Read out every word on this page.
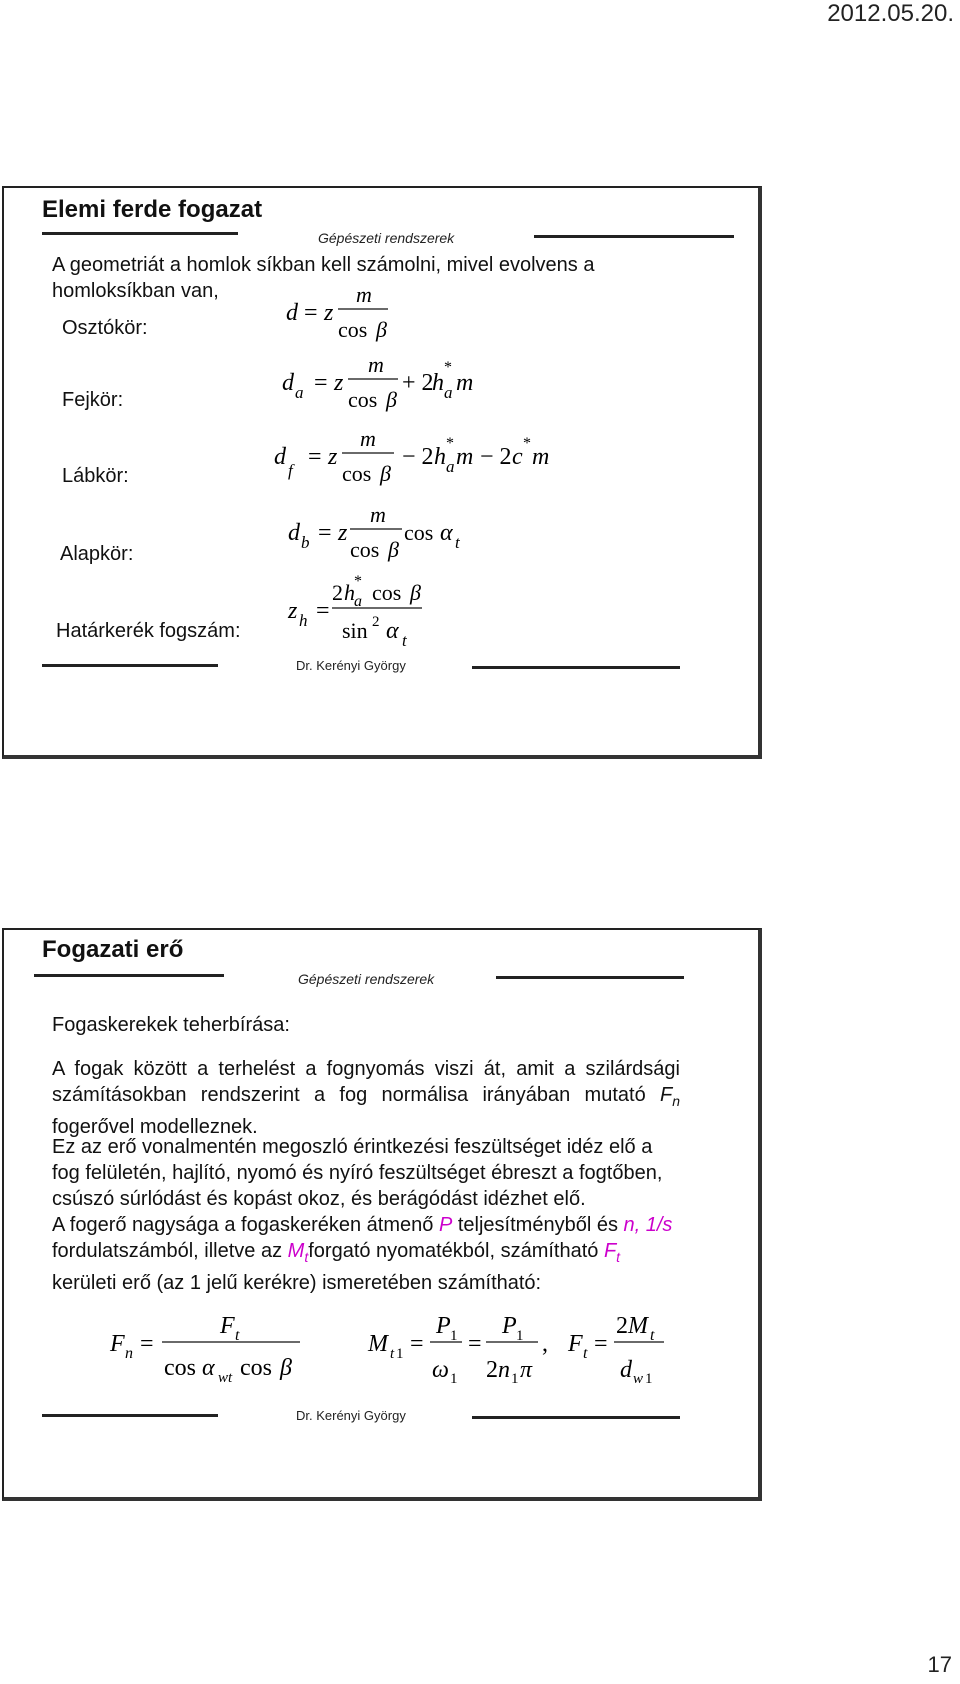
2012.05.20.
Elemi ferde fogazat
Gépészeti rendszerek
A geometriát a homlok síkban kell számolni, mivel evolvens a homloksíkban van,
Osztókör:
Fejkör:
Lábkör:
Alapkör:
Határkerék fogszám:
d = z
m
cos β
d a = z
m
cos β
+ 2
h
*
a m
d
f
= z
m
cos β
− 2 h
*
a m − 2 c
*
m
d b = z
m
cos β
cos α t
z h =
2 h *
a cos β
sin 2 α t
Dr. Kerényi György
Fogazati erő
Gépészeti rendszerek
Fogaskerekek teherbírása:
A fogak között a terhelést a fognyomás viszi át, amit a szilárdsági számításokban rendszerint a fog normálisa irányában mutató $F_n$ fogerővel modelleznek.
Ez az erő vonalmentén megoszló érintkezési feszültséget idéz elő a fog felületén, hajlító, nyomó és nyíró feszültséget ébreszt a fogtőben, csúszó súrlódást és kopást okoz, és berágódást idézhet elő.
A fogerő nagysága a fogaskeréken átmenő P teljesítményből és n, 1/s fordulatszámból, illetve az $M_tforgató$ nyomatékból, számítható $F_t$ kerületi erő (az 1 jelű kerékre) ismeretében számítható:
F n =
F t
cos α wt cos β
M t 1 =
P 1
ω 1
=
P 1
2 n 1 π
, F t =
2 M t
d w 1
Dr. Kerényi György
17
